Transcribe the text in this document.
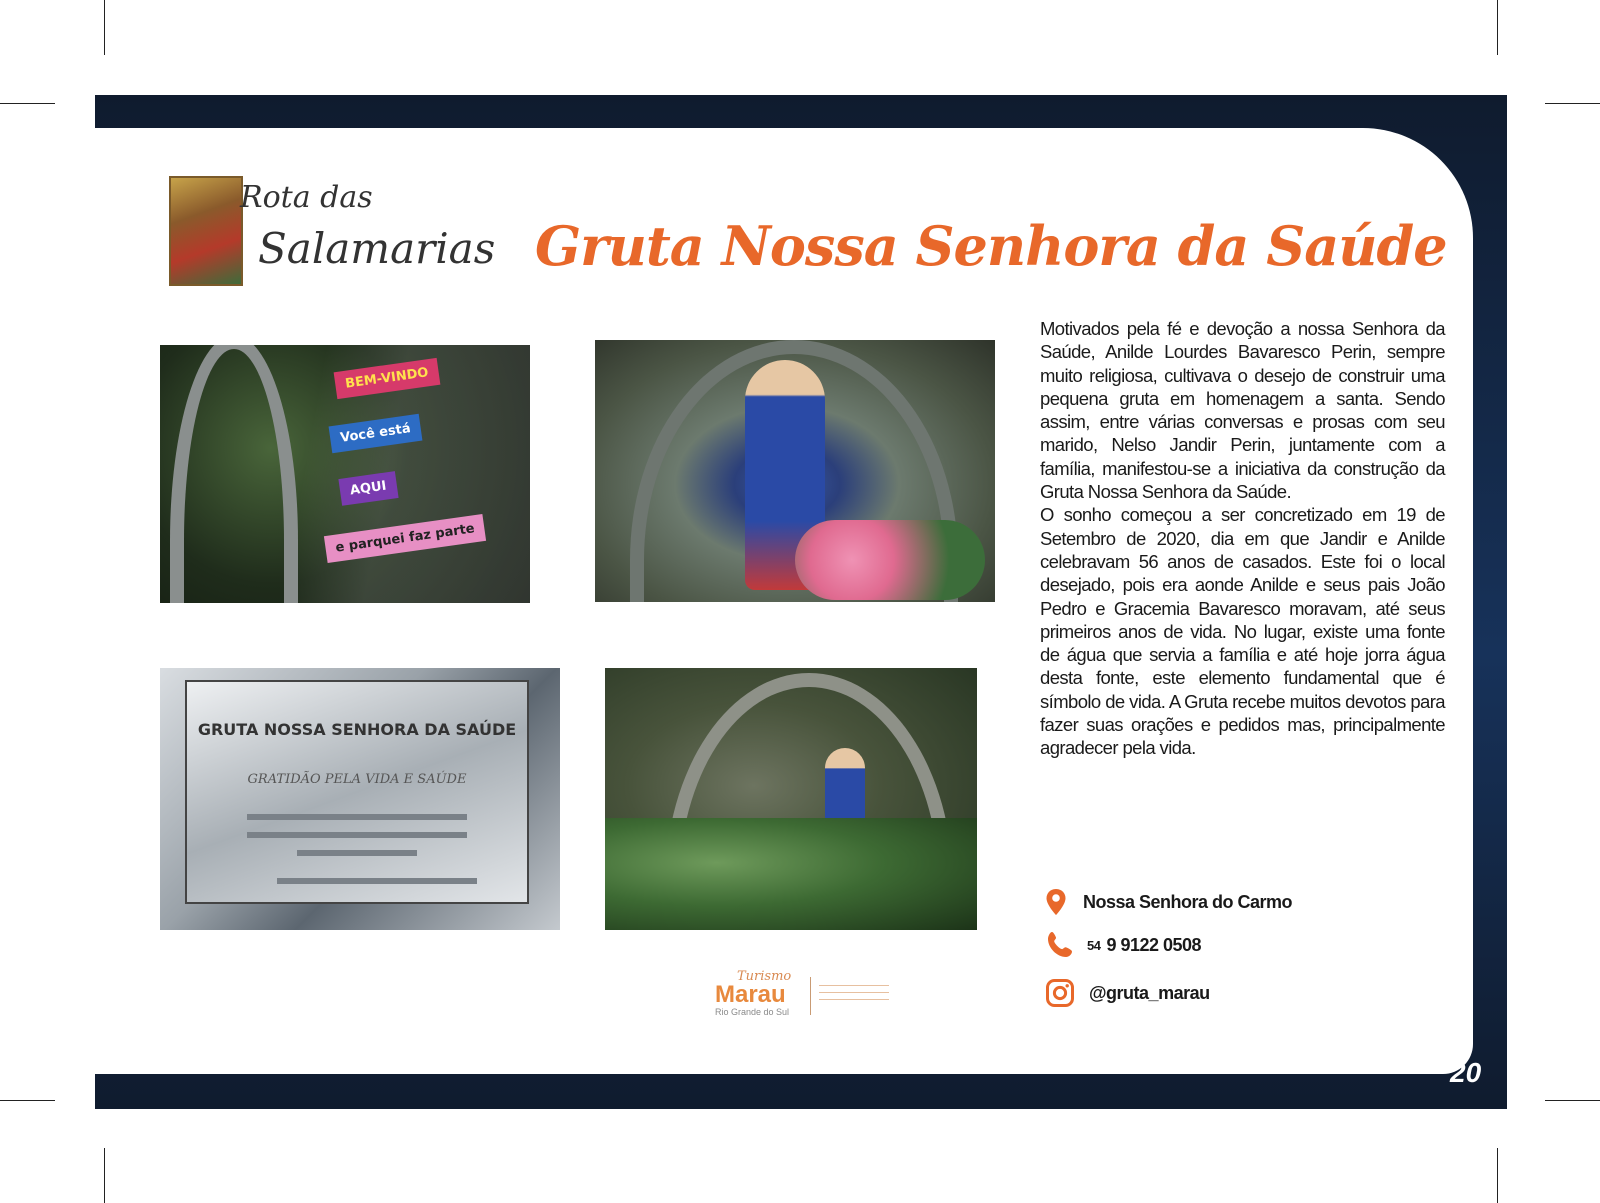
Rota das
Salamarias Gruta Nossa Senhora da Saúde
BEM-VINDO
Você está
AQUI
e parquei faz parte
GRUTA NOSSA SENHORA DA SAÚDE
GRATIDÃO PELA VIDA E SAÚDE

Motivados pela fé e devoção a nossa Senhora da Saúde, Anilde Lourdes Bavaresco Perin, sempre muito religiosa, cultivava o desejo de construir uma pequena gruta em homenagem a santa. Sendo assim, entre várias conversas e prosas com seu marido, Nelso Jandir Perin, juntamente com a família, manifestou-se a iniciativa da construção da Gruta Nossa Senhora da Saúde.

O sonho começou a ser concretizado em 19 de Setembro de 2020, dia em que Jandir e Anilde celebravam 56 anos de casados. Este foi o local desejado, pois era aonde Anilde e seus pais João Pedro e Gracemia Bavaresco moravam, até seus primeiros anos de vida. No lugar, existe uma fonte de água que servia a família e até hoje jorra água desta fonte, este elemento fundamental que é símbolo de vida. A Gruta recebe muitos devotos para fazer suas orações e pedidos mas, principalmente agradecer pela vida.

Nossa Senhora do Carmo
54 9 9122 0508
@gruta_marau
Turismo
Marau
Rio Grande do Sul
20
